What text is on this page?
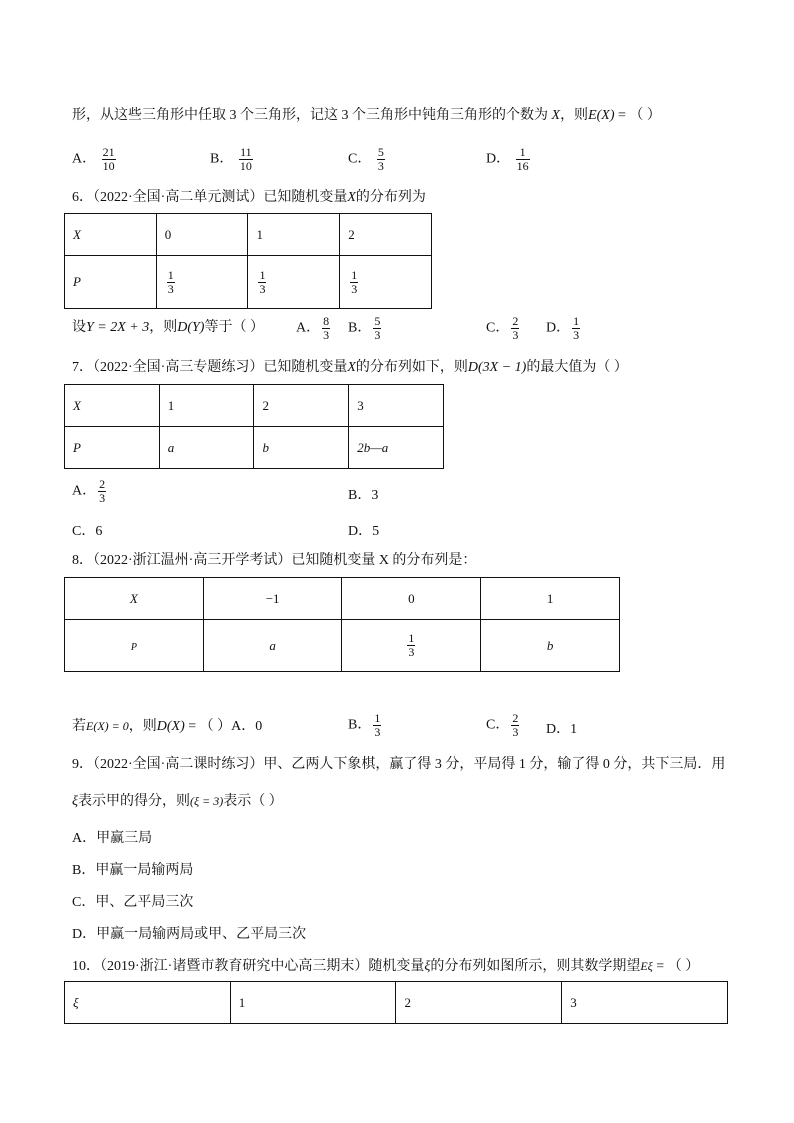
形，从这些三角形中任取 3 个三角形，记这 3 个三角形中钝角三角形的个数为 X，则E(X) = （ ）
A． $\frac{21}{10}$	B． $\frac{11}{10}$	C． $\frac{5}{3}$	D． $\frac{1}{16}$
6．（2022·全国·高二单元测试）已知随机变量X的分布列为
X	0	1	2
P	$\frac{1}{3}$	$\frac{1}{3}$	$\frac{1}{3}$
设Y = 2X + 3，则D(Y)等于（ ） A． $\frac{8}{3}$ B． $\frac{5}{3}$	C． $\frac{2}{3}$ D． $\frac{1}{3}$
7．（2022·全国·高三专题练习）已知随机变量X的分布列如下，则D(3X − 1)的最大值为（ ）
X	1	2	3
P	a	b	2b—a
A． $\frac{2}{3}$	B．3
C．6	D．5
8．（2022·浙江温州·高三开学考试）已知随机变量 X 的分布列是：
X	−1	0	1
P	a	$\frac{1}{3}$	b
若E(X) = 0，则D(X) = （ ）A．0	B． $\frac{1}{3}$	C． $\frac{2}{3}$ D．1
9．（2022·全国·高二课时练习）甲、乙两人下象棋，赢了得 3 分，平局得 1 分，输了得 0 分，共下三局．用
ξ表示甲的得分，则(ξ = 3)表示（ ）
A．甲赢三局
B．甲赢一局输两局
C．甲、乙平局三次
D．甲赢一局输两局或甲、乙平局三次
10．（2019·浙江·诸暨市教育研究中心高三期末）随机变量ξ的分布列如图所示，则其数学期望Eξ = （ ）
ξ	1	2	3
